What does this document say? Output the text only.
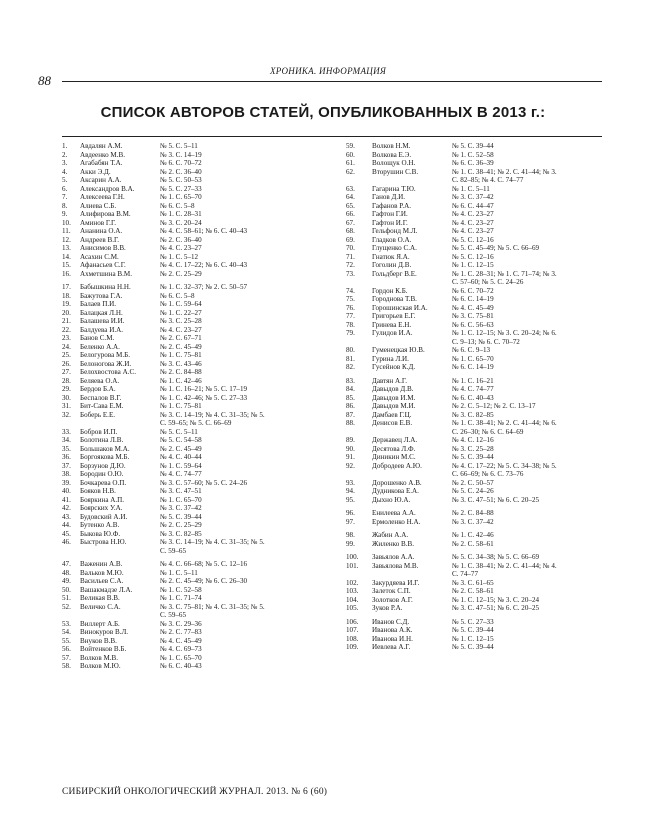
88
ХРОНИКА. ИНФОРМАЦИЯ
СПИСОК АВТОРОВ СТАТЕЙ, ОПУБЛИКОВАННЫХ В 2013 г.:
1. Авдалян А.М.	№ 5. С. 5–11
2. Авдеенко М.В.	№ 3. С. 14–19
3. Агабабян Т.А.	№ 6. С. 70–72
4. Акки Э.Д.	№ 2. С. 36–40
5. Аксарин А.А.	№ 5. С. 50–53
6. Александров В.А.	№ 5. С. 27–33
7. Алексеева Г.Н.	№ 1. С. 65–70
8. Алиева С.Б.	№ 6. С. 5–8
9. Алифирова В.М.	№ 1. С. 28–31
10. Аминов Г.Г.	№ 3. С. 20–24
11. Ананина О.А.	№ 4. С. 58–61; № 6. С. 40–43
12. Андреев В.Г.	№ 2. С. 36–40
13. Анисимов В.В.	№ 4. С. 23–27
14. Асахин С.М.	№ 1. С. 5–12
15. Афанасьев С.Г.	№ 4. С. 17–22; № 6. С. 40–43
16. Ахметшина В.М.	№ 2. С. 25–29
17. Бабышкина Н.Н.	№ 1. С. 32–37; № 2. С. 50–57
18. Бажутова Г.А.	№ 6. С. 5–8
19. Балаев П.И.	№ 1. С. 59–64
20. Балацкая Л.Н.	№ 1. С. 22–27
21. Балашева И.И.	№ 3. С. 25–28
22. Балдуева И.А.	№ 4. С. 23–27
23. Банов С.М.	№ 2. С. 67–71
24. Беленко А.А.	№ 2. С. 45–49
25. Белогурова М.Б.	№ 1. С. 75–81
26. Белоногова Ж.И.	№ 3. С. 43–46
27. Белохвостова А.С.	№ 2. С. 84–88
28. Беляева О.А.	№ 1. С. 42–46
29. Бердов Б.А.	№ 1. С. 16–21; № 5. С. 17–19
30. Беспалов В.Г.	№ 1. С. 42–46; № 5. С. 27–33
31. Бит-Сава Е.М.	№ 1. С. 75–81
32. Боберь Е.Е.	№ 3. С. 14–19; № 4. С. 31–35; № 5.
С. 59–65; № 5. С. 66–69
33. Бобров И.П.	№ 5. С. 5–11
34. Болотина Л.В.	№ 5. С. 54–58
35. Большаков М.А.	№ 2. С. 45–49
36. Боргоякова М.Б.	№ 4. С. 40–44
37. Борзунов Д.Ю.	№ 1. С. 59–64
38. Бородин О.Ю.	№ 4. С. 74–77
39. Бочкарева О.П.	№ 3. С. 57–60; № 5. С. 24–26
40. Бояков Н.В.	№ 3. С. 47–51
41. Бояркина А.П.	№ 1. С. 65–70
42. Боярских У.А.	№ 3. С. 37–42
43. Будовский А.И.	№ 5. С. 39–44
44. Бутенко А.В.	№ 2. С. 25–29
45. Быкова Ю.Ф.	№ 3. С. 82–85
46. Быстрова Н.Ю.	№ 3. С. 14–19; № 4. С. 31–35; № 5.
С. 59–65
47. Важенин А.В.	№ 4. С. 66–68; № 5. С. 12–16
48. Вальков М.Ю.	№ 1. С. 5–11
49. Васильев С.А.	№ 2. С. 45–49; № 6. С. 26–30
50. Вашакмадзе Л.А.	№ 1. С. 52–58
51. Великая В.В.	№ 1. С. 71–74
52. Величко С.А.	№ 3. С. 75–81; № 4. С. 31–35; № 5.
С. 59–65
53. Виллерт А.Б.	№ 3. С. 29–36
54. Винокуров В.Л.	№ 2. С. 77–83
55. Внуков В.В.	№ 4. С. 45–49
56. Войтенков В.Б.	№ 4. С. 69–73
57. Волков М.В.	№ 1. С. 65–70
58. Волков М.Ю.	№ 6. С. 40–43
59. Волков Н.М.	№ 5. С. 39–44
60. Волкова Е.Э.	№ 1. С. 52–58
61. Волощук О.Н.	№ 6. С. 36–39
62. Вторушин С.В.	№ 1. С. 38–41; № 2. С. 41–44; № 3.
С. 82–85; № 4. С. 74–77
63. Гагарина Т.Ю.	№ 1. С. 5–11
64. Ганов Д.И.	№ 3. С. 37–42
65. Гафанов Р.А.	№ 6. С. 44–47
66. Гафтон Г.И.	№ 4. С. 23–27
67. Гафтон И.Г.	№ 4. С. 23–27
68. Гельфонд М.Л.	№ 4. С. 23–27
69. Гладков О.А.	№ 5. С. 12–16
70. Глущенко С.А.	№ 5. С. 45–49; № 5. С. 66–69
71. Гнатюк Я.А.	№ 5. С. 12–16
72. Гоголин Д.В.	№ 1. С. 12–15
73. Гольдберг В.Е.	№ 1. С. 28–31; № 1. С. 71–74; № 3.
С. 57–60; № 5. С. 24–26
74. Гордон К.Б.	№ 6. С. 70–72
75. Городнова Т.В.	№ 6. С. 14–19
76. Горошинская И.А.	№ 4. С. 45–49
77. Григорьев Е.Г.	№ 3. С. 75–81
78. Гринева Е.Н.	№ 6. С. 56–63
79. Гулидов И.А.	№ 1. С. 12–15; № 3. С. 20–24; № 6.
С. 9–13; № 6. С. 70–72
80. Гуменецкая Ю.В.	№ 6. С. 9–13
81. Гурина Л.И.	№ 1. С. 65–70
82. Гусейнов К.Д.	№ 6. С. 14–19
83. Давтян А.Г.	№ 1. С. 16–21
84. Давыдов Д.В.	№ 4. С. 74–77
85. Давыдов И.М.	№ 6. С. 40–43
86. Давыдов М.И.	№ 2. С. 5–12; № 2. С. 13–17
87. Дамбаев Г.Ц.	№ 3. С. 82–85
88. Денисов Е.В.	№ 1. С. 38–41; № 2. С. 41–44; № 6.
С. 26–30; № 6. С. 64–69
89. Державец Л.А.	№ 4. С. 12–16
90. Десятова Л.Ф.	№ 3. С. 25–28
91. Диникин М.С.	№ 5. С. 39–44
92. Добродеев А.Ю.	№ 4. С. 17–22; № 5. С. 34–38; № 5.
С. 66–69; № 6. С. 73–76
93. Дорошенко А.В.	№ 2. С. 50–57
94. Дудникова Е.А.	№ 5. С. 24–26
95. Дыхно Ю.А.	№ 3. С. 47–51; № 6. С. 20–25
96. Енилеева А.А.	№ 2. С. 84–88
97. Ермоленко Н.А.	№ 3. С. 37–42
98. Жабин А.А.	№ 1. С. 42–46
99. Жиленко В.В.	№ 2. С. 58–61
100. Завьялов А.А.	№ 5. С. 34–38; № 5. С. 66–69
101. Завьялова М.В.	№ 1. С. 38–41; № 2. С. 41–44; № 4.
С. 74–77
102. Закурдяева И.Г.	№ 3. С. 61–65
103. Залеток С.П.	№ 2. С. 58–61
104. Золотков А.Г.	№ 1. С. 12–15; № 3. С. 20–24
105. Зуков Р.А.	№ 3. С. 47–51; № 6. С. 20–25
106. Иванов С.Д.	№ 5. С. 27–33
107. Иванова А.К.	№ 5. С. 39–44
108. Иванова И.Н.	№ 1. С. 12–15
109. Иевлева А.Г.	№ 5. С. 39–44
СИБИРСКИЙ ОНКОЛОГИЧЕСКИЙ ЖУРНАЛ. 2013. № 6 (60)
